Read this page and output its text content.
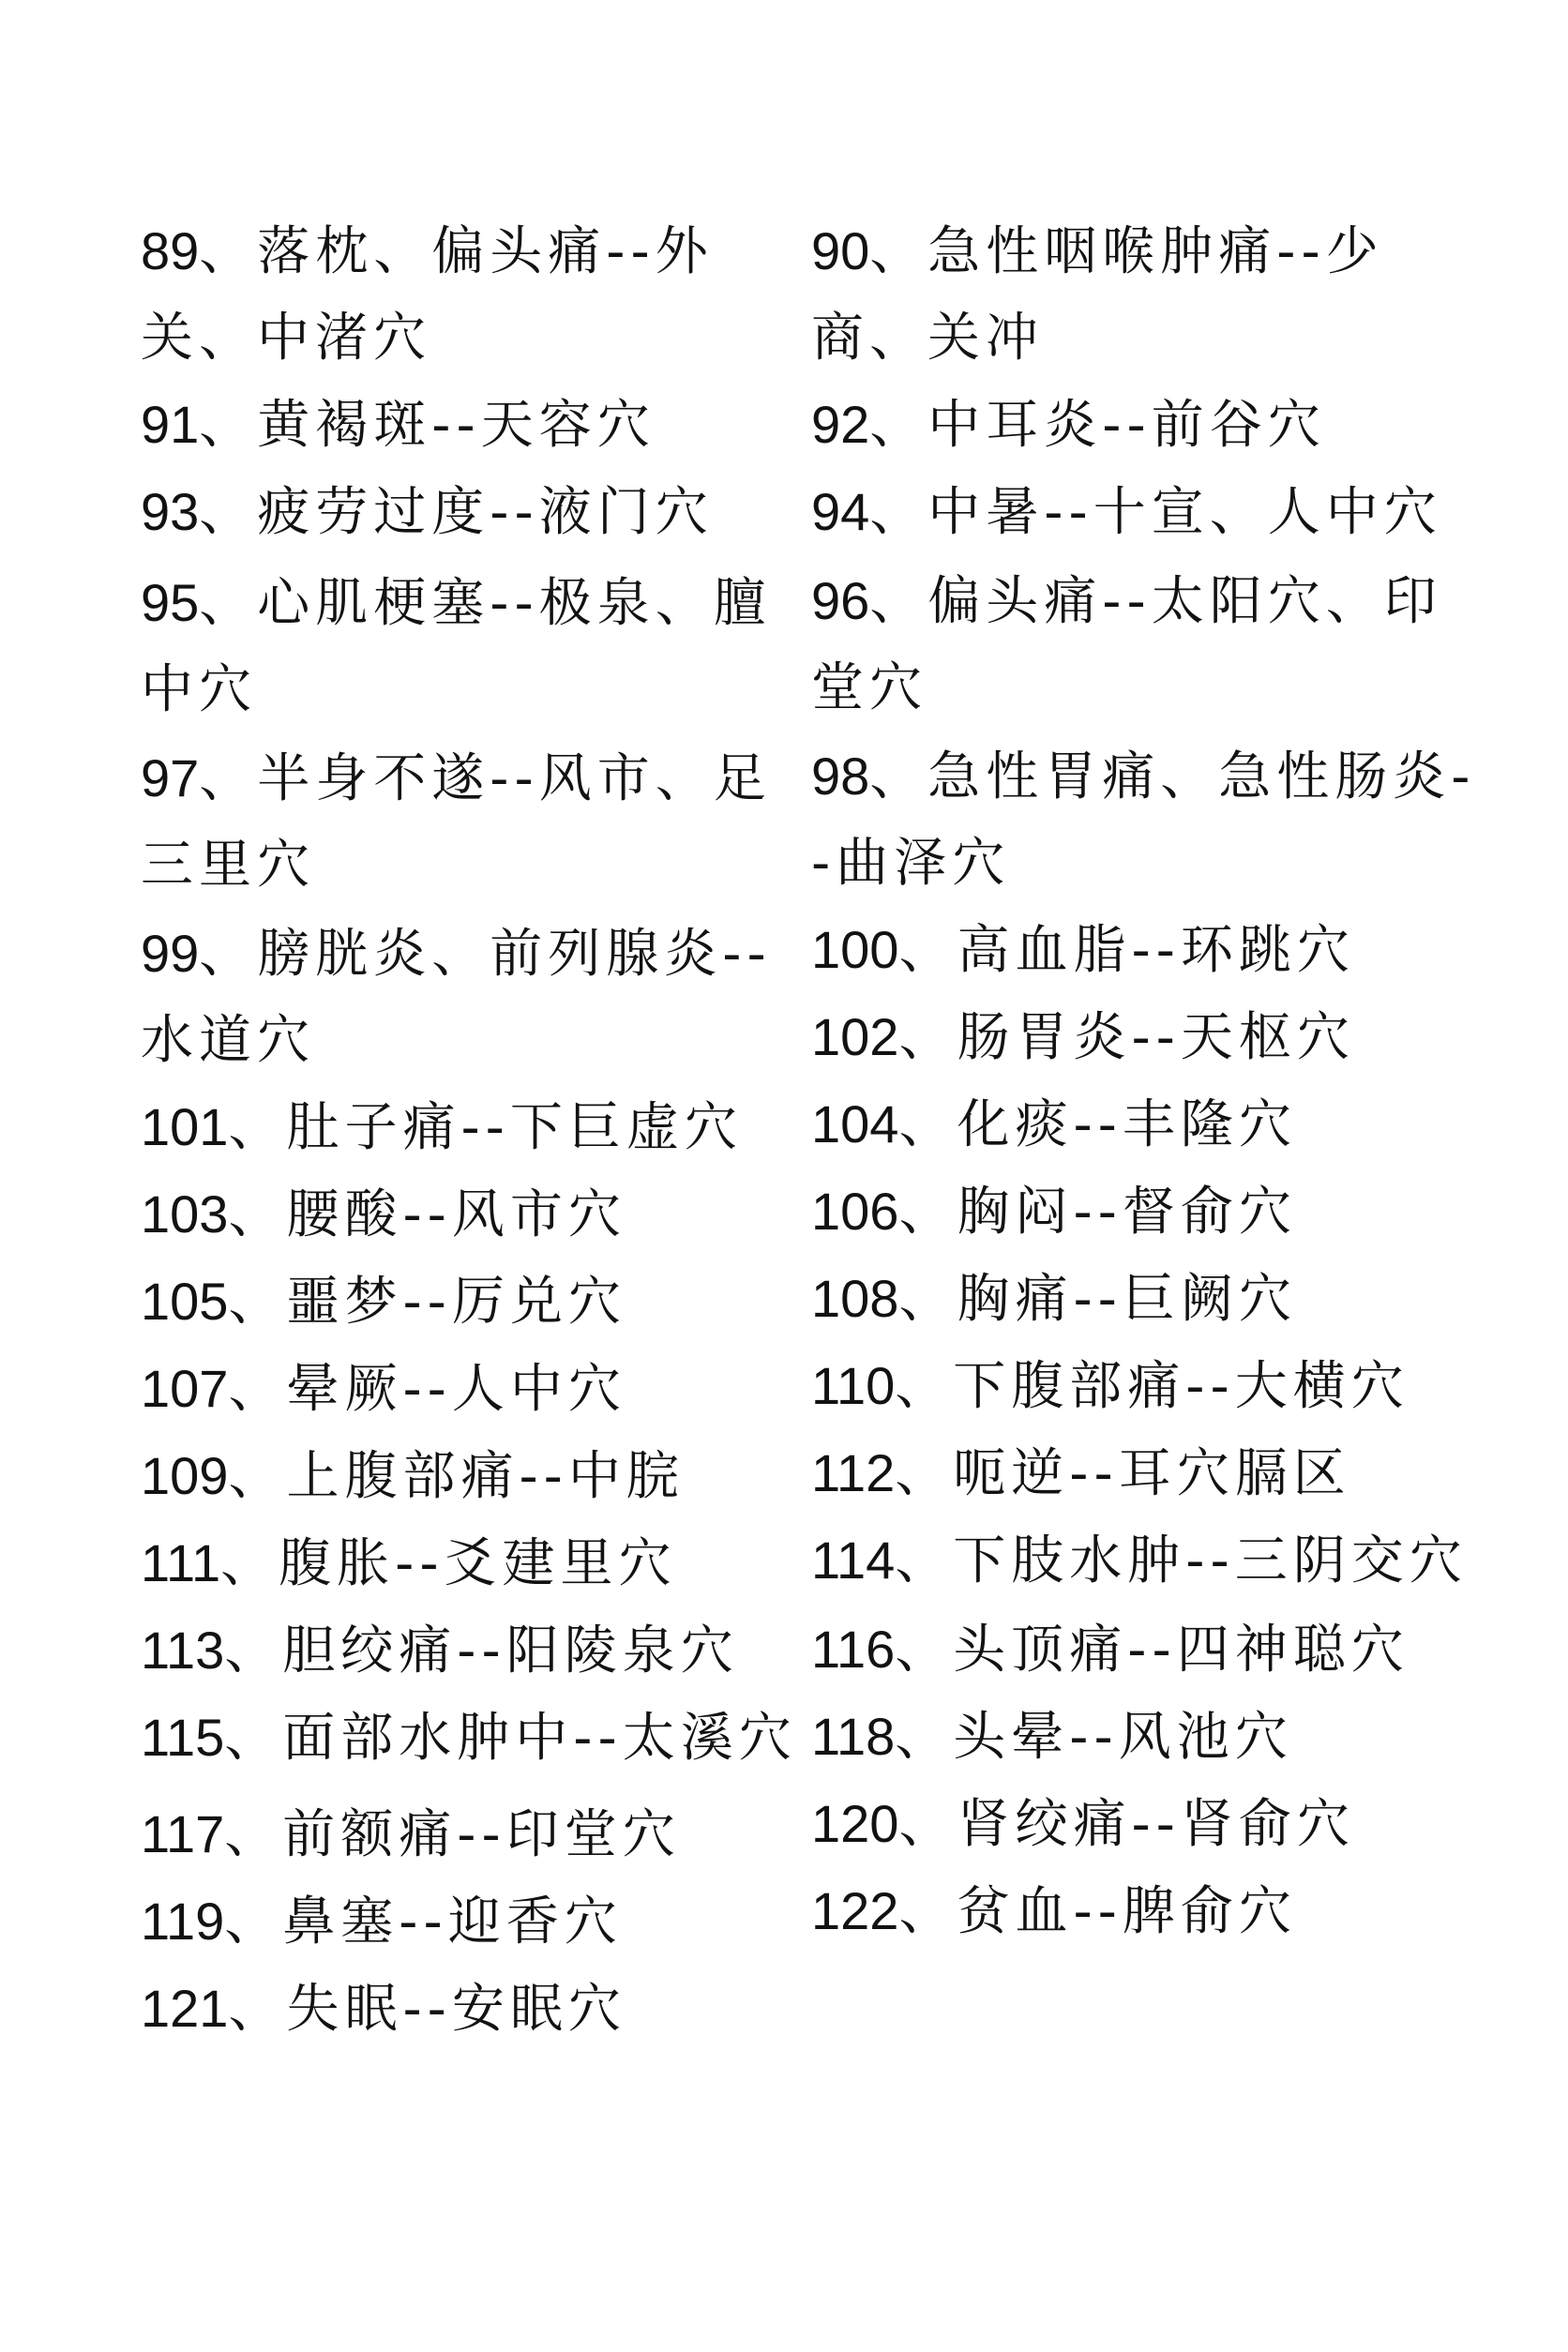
89、落枕、偏头痛--外关、中渚穴

91、黄褐斑--天容穴

93、疲劳过度--液门穴

95、心肌梗塞--极泉、膻中穴

97、半身不遂--风市、足三里穴

99、膀胱炎、前列腺炎--水道穴

101、肚子痛--下巨虚穴

103、腰酸--风市穴

105、噩梦--厉兑穴

107、晕厥--人中穴

109、上腹部痛--中脘

111、腹胀--爻建里穴

113、胆绞痛--阳陵泉穴

115、面部水肿中--太溪穴

117、前额痛--印堂穴

119、鼻塞--迎香穴

121、失眠--安眠穴

90、急性咽喉肿痛--少商、关冲

92、中耳炎--前谷穴

94、中暑--十宣、人中穴

96、偏头痛--太阳穴、印堂穴

98、急性胃痛、急性肠炎--曲泽穴

100、高血脂--环跳穴

102、肠胃炎--天枢穴

104、化痰--丰隆穴

106、胸闷--督俞穴

108、胸痛--巨阙穴

110、下腹部痛--大横穴

112、呃逆--耳穴膈区

114、下肢水肿--三阴交穴

116、头顶痛--四神聪穴

118、头晕--风池穴

120、肾绞痛--肾俞穴

122、贫血--脾俞穴
